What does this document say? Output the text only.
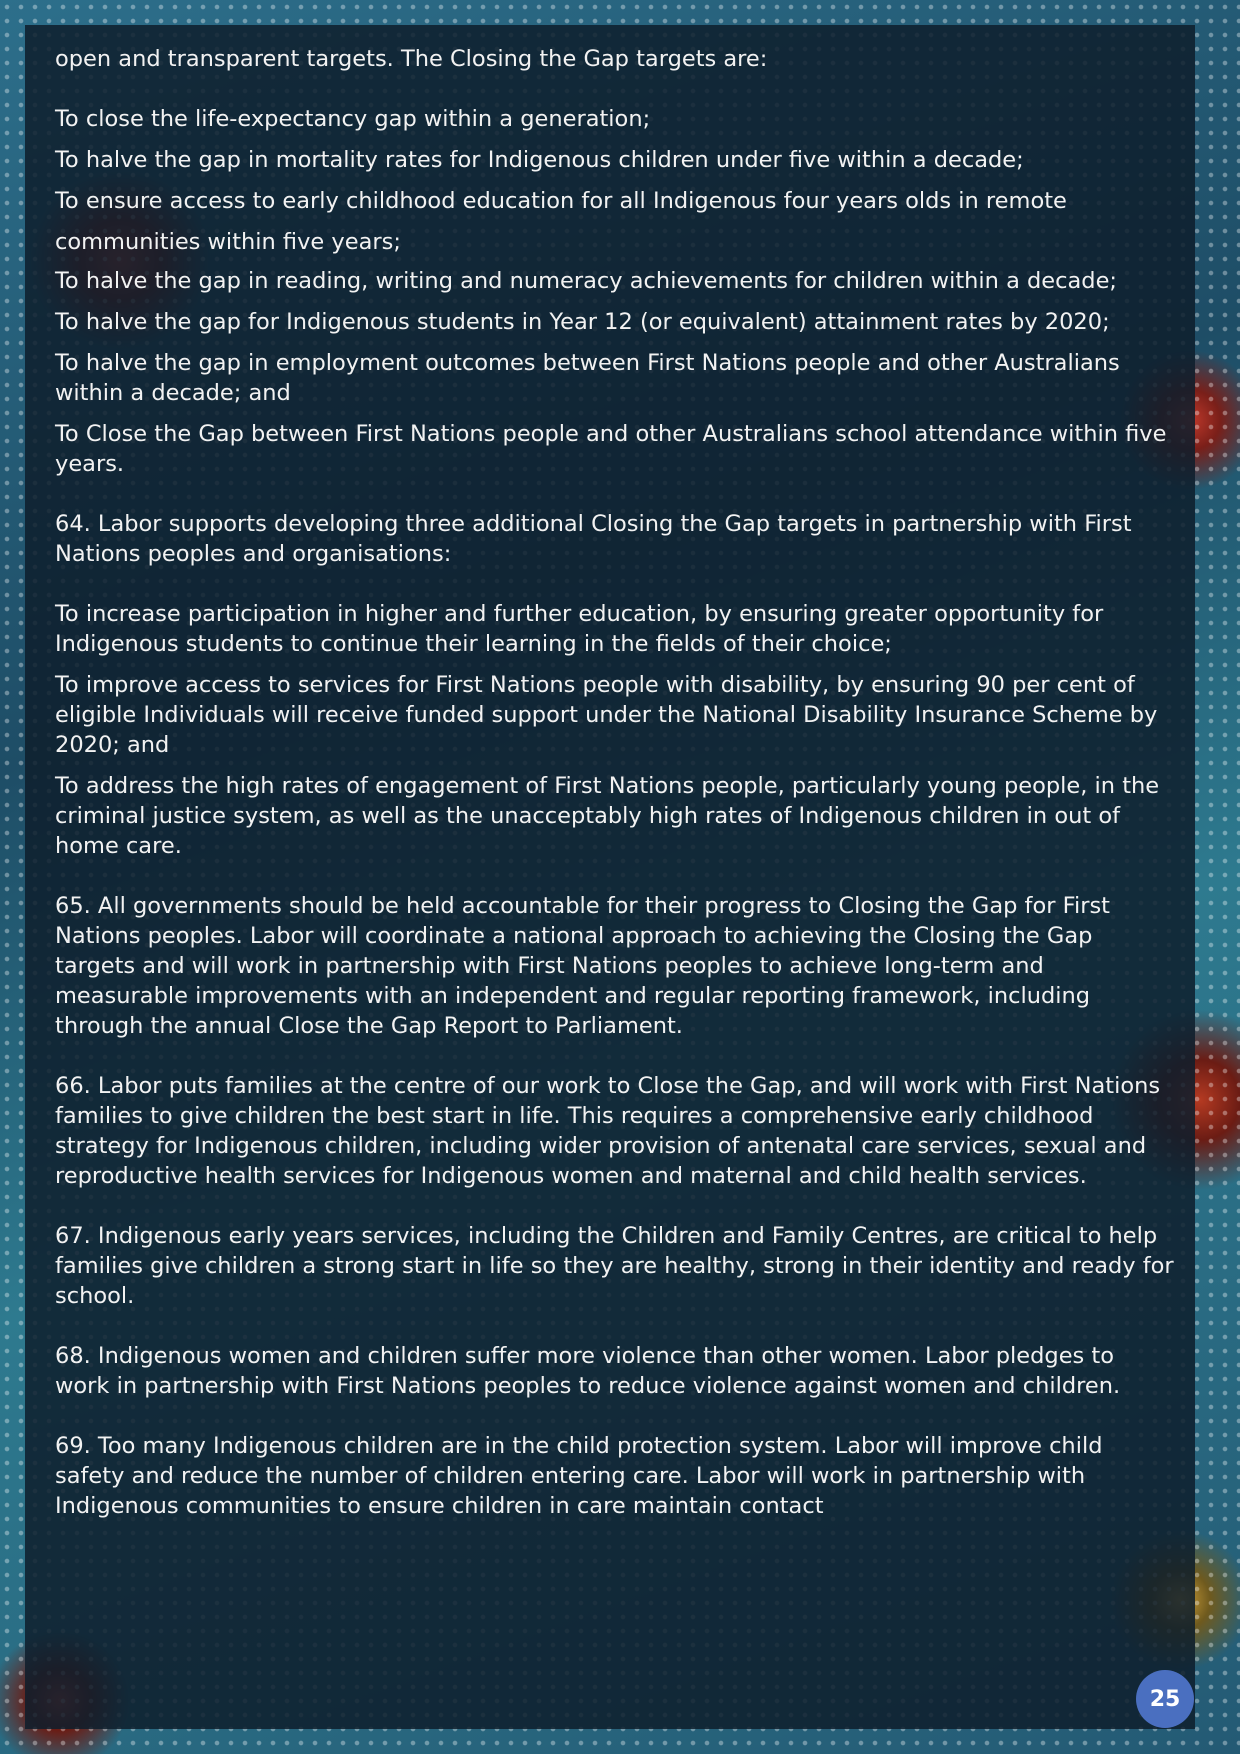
open and transparent targets. The Closing the Gap targets are:

To close the life-expectancy gap within a generation;

To halve the gap in mortality rates for Indigenous children under five within a decade;

To ensure access to early childhood education for all Indigenous four years olds in remote communities within five years;

To halve the gap in reading, writing and numeracy achievements for children within a decade;

To halve the gap for Indigenous students in Year 12 (or equivalent) attainment rates by 2020;

To halve the gap in employment outcomes between First Nations people and other Australians within a decade; and

To Close the Gap between First Nations people and other Australians school attendance within five years.

64. Labor supports developing three additional Closing the Gap targets in partnership with First Nations peoples and organisations:

To increase participation in higher and further education, by ensuring greater opportunity for Indigenous students to continue their learning in the fields of their choice;

To improve access to services for First Nations people with disability, by ensuring 90 per cent of eligible Individuals will receive funded support under the National Disability Insurance Scheme by 2020; and

To address the high rates of engagement of First Nations people, particularly young people, in the criminal justice system, as well as the unacceptably high rates of Indigenous children in out of home care.

65. All governments should be held accountable for their progress to Closing the Gap for First Nations peoples. Labor will coordinate a national approach to achieving the Closing the Gap targets and will work in partnership with First Nations peoples to achieve long-term and measurable improvements with an independent and regular reporting framework, including through the annual Close the Gap Report to Parliament.

66. Labor puts families at the centre of our work to Close the Gap, and will work with First Nations families to give children the best start in life. This requires a comprehensive early childhood strategy for Indigenous children, including wider provision of antenatal care services, sexual and reproductive health services for Indigenous women and maternal and child health services.

67. Indigenous early years services, including the Children and Family Centres, are critical to help families give children a strong start in life so they are healthy, strong in their identity and ready for school.

68. Indigenous women and children suffer more violence than other women. Labor pledges to work in partnership with First Nations peoples to reduce violence against women and children.

69. Too many Indigenous children are in the child protection system. Labor will improve child safety and reduce the number of children entering care. Labor will work in partnership with Indigenous communities to ensure children in care maintain contact

25
